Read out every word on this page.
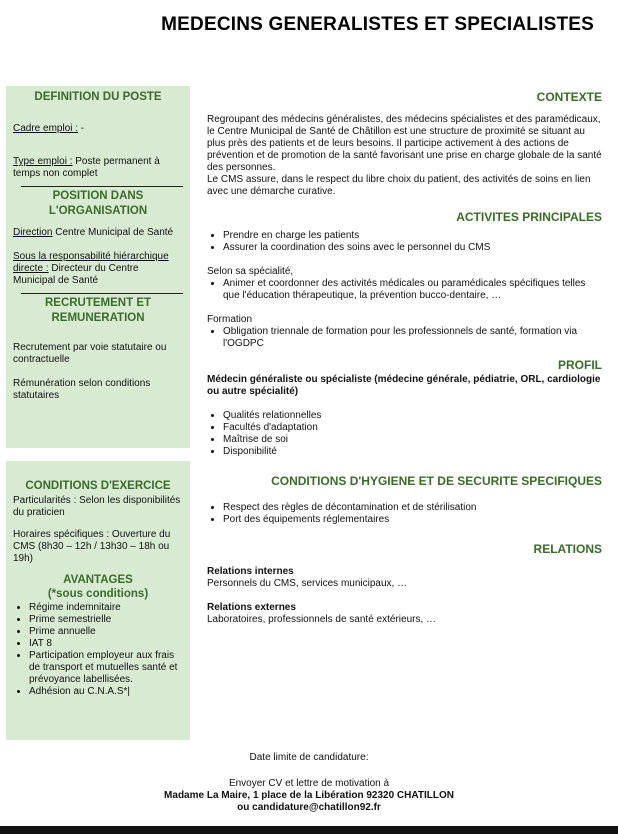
MEDECINS GENERALISTES ET SPECIALISTES
DEFINITION DU POSTE
Cadre emploi : -
Type emploi : Poste permanent à temps non complet
POSITION DANS L'ORGANISATION
Direction Centre Municipal de Santé
Sous la responsabilité hiérarchique directe : Directeur du Centre Municipal de Santé
RECRUTEMENT ET REMUNERATION
Recrutement par voie statutaire ou contractuelle
Rémunération selon conditions statutaires
CONDITIONS D'EXERCICE
Particularités : Selon les disponibilités du praticien
Horaires spécifiques : Ouverture du CMS (8h30 – 12h / 13h30 – 18h ou 19h)
AVANTAGES
(*sous conditions)
• Régime indemnitaire
• Prime semestrielle
• Prime annuelle
• IAT 8
• Participation employeur aux frais de transport et mutuelles santé et prévoyance labellisées.
• Adhésion au C.N.A.S*|
CONTEXTE
Regroupant des médecins généralistes, des médecins spécialistes et des paramédicaux, le Centre Municipal de Santé de Châtillon est une structure de proximité se situant au plus près des patients et de leurs besoins. Il participe activement à des actions de prévention et de promotion de la santé favorisant une prise en charge globale de la santé des personnes.
Le CMS assure, dans le respect du libre choix du patient, des activités de soins en lien avec une démarche curative.
ACTIVITES PRINCIPALES
• Prendre en charge les patients
• Assurer la coordination des soins avec le personnel du CMS
Selon sa spécialité,
• Animer et coordonner des activités médicales ou paramédicales spécifiques telles que l'éducation thérapeutique, la prévention bucco-dentaire, …
Formation
• Obligation triennale de formation pour les professionnels de santé, formation via l'OGDPC
PROFIL
Médecin généraliste ou spécialiste (médecine générale, pédiatrie, ORL, cardiologie ou autre spécialité)
• Qualités relationnelles
• Facultés d'adaptation
• Maîtrise de soi
• Disponibilité
CONDITIONS D'HYGIENE ET DE SECURITE SPECIFIQUES
• Respect des règles de décontamination et de stérilisation
• Port des équipements réglementaires
RELATIONS
Relations internes
Personnels du CMS, services municipaux, …
Relations externes
Laboratoires, professionnels de santé extérieurs, …
Date limite de candidature:
Envoyer CV et lettre de motivation à
Madame La Maire, 1 place de la Libération 92320 CHATILLON
ou candidature@chatillon92.fr
